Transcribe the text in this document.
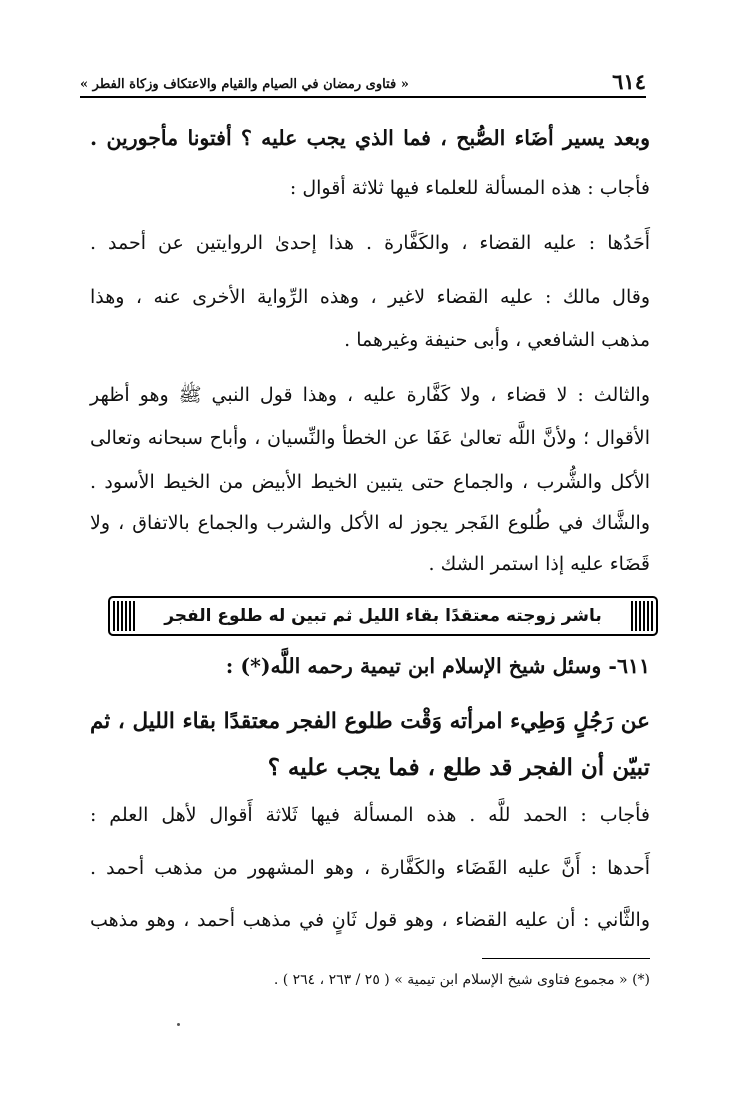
٦١٤
« فتاوى رمضان في الصيام والقيام والاعتكاف وزكاة الفطر »
وبعد يسير أضَاء الصُّبح ، فما الذي يجب عليه ؟ أفتونا مأجورين .
فأجاب : هذه المسألة للعلماء فيها ثلاثة أقوال :
أَحَدُها : عليه القضاء ، والكَفَّارة . هذا إحدىٰ الروايتين عن أحمد .
وقال مالك : عليه القضاء لاغير ، وهذه الرِّواية الأخرى عنه ، وهذا
مذهب الشافعي ، وأبى حنيفة وغيرهما .
والثالث : لا قضاء ، ولا كَفَّارة عليه ، وهذا قول النبي ﷺ وهو أظهر
الأقوال ؛ ولأنَّ اللَّه تعالىٰ عَفَا عن الخطأ والنِّسيان ، وأباح سبحانه وتعالى
الأكل والشُّرب ، والجماع حتى يتبين الخيط الأبيض من الخيط الأسود .
والشَّاك في طُلوع الفَجر يجوز له الأكل والشرب والجماع بالاتفاق ، ولا
قَضَاء عليه إذا استمر الشك .
باشر زوجته معتقدًا بقاء الليل ثم تبين له طلوع الفجر
٦١١- وسئل شيخ الإسلام ابن تيمية رحمه اللَّه(*) :
عن رَجُلٍ وَطِيء امرأته وَقْت طلوع الفجر معتقدًا بقاء الليل ، ثم
تبيّن أن الفجر قد طلع ، فما يجب عليه ؟
فأجاب : الحمد للَّه . هذه المسألة فيها ثَلاثة أَقوال لأهل العلم :
أَحدها : أَنَّ عليه القَضَاء والكَفَّارة ، وهو المشهور من مذهب أحمد .
والثَّاني : أن عليه القضاء ، وهو قول ثَانٍ في مذهب أحمد ، وهو مذهب
(*) « مجموع فتاوى شيخ الإسلام ابن تيمية » ( ٢٥ / ٢٦٣ ، ٢٦٤ ) .
